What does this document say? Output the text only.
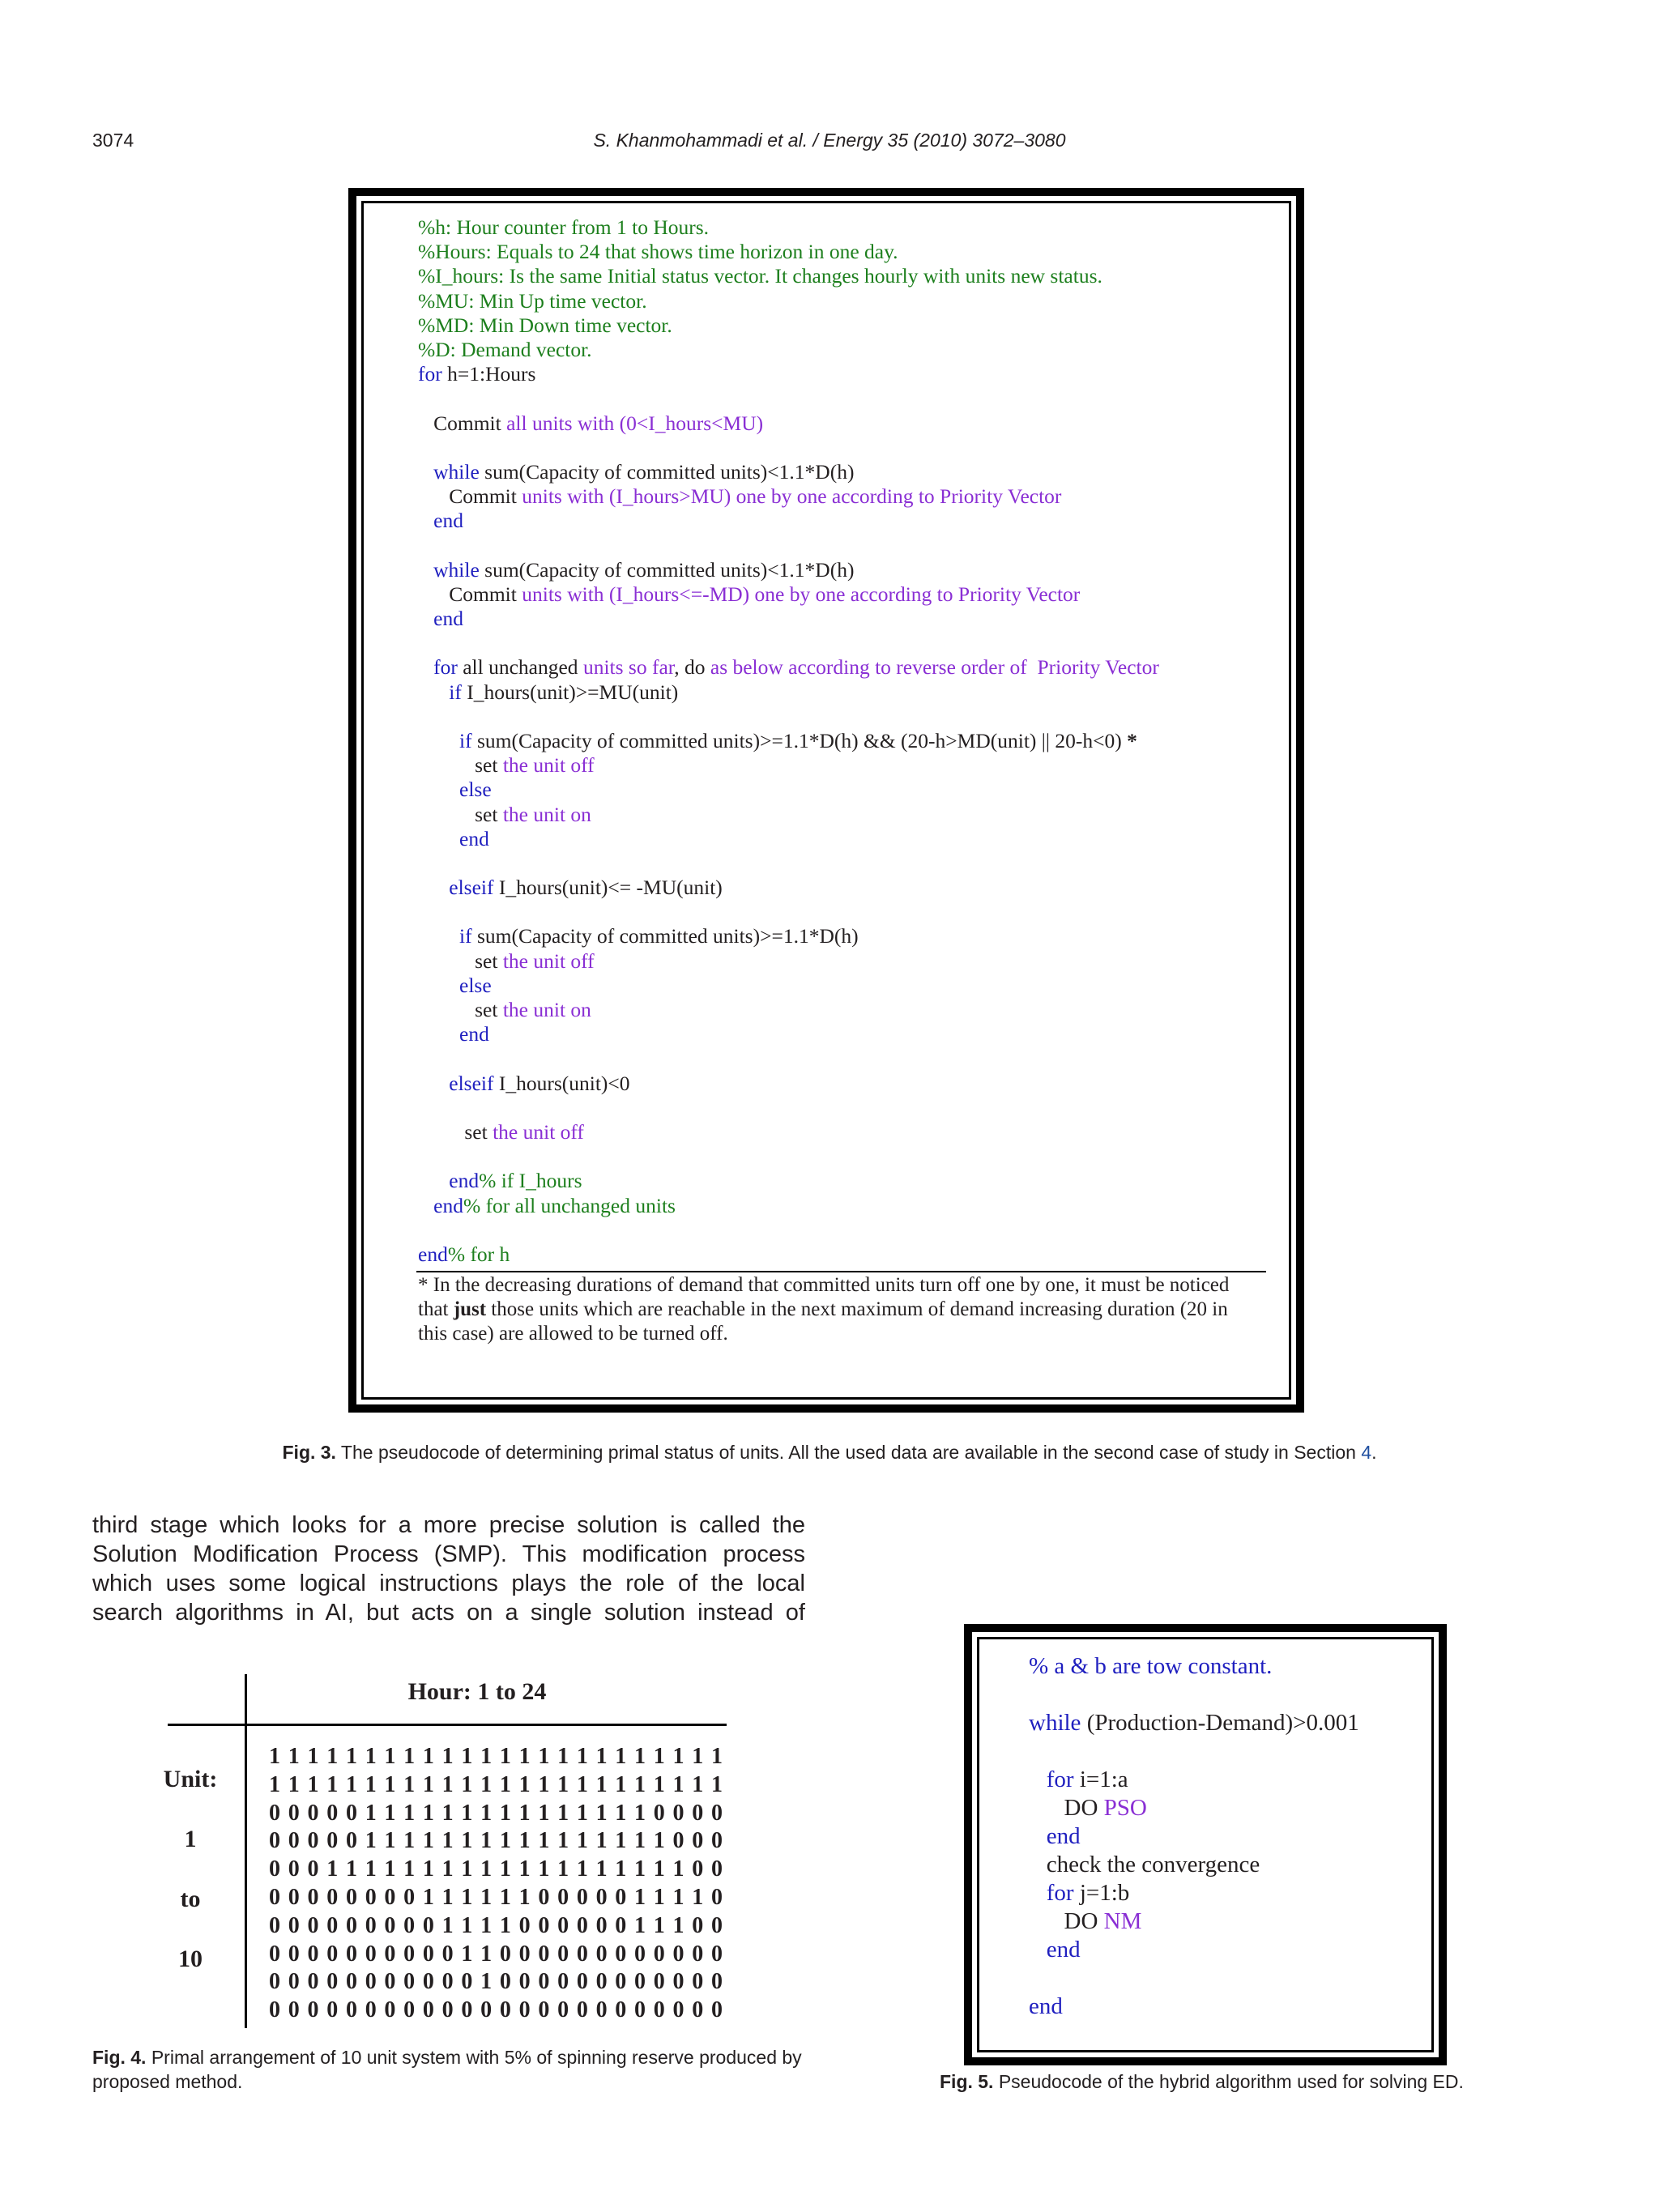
3074	S. Khanmohammadi et al. / Energy 35 (2010) 3072–3080
%h: Hour counter from 1 to Hours.
%Hours: Equals to 24 that shows time horizon in one day.
%I_hours: Is the same Initial status vector. It changes hourly with units new status.
%MU: Min Up time vector.
%MD: Min Down time vector.
%D: Demand vector.
for h=1:Hours
Commit all units with (0<I_hours<MU)
while sum(Capacity of committed units)<1.1*D(h)
Commit units with (I_hours>MU) one by one according to Priority Vector
end
while sum(Capacity of committed units)<1.1*D(h)
Commit units with (I_hours<=-MD) one by one according to Priority Vector
end
for all unchanged units so far, do as below according to reverse order of  Priority Vector
if I_hours(unit)>=MU(unit)
if sum(Capacity of committed units)>=1.1*D(h) && (20-h>MD(unit) || 20-h<0) *
set the unit off
else
set the unit on
end
elseif I_hours(unit)<= -MU(unit)
if sum(Capacity of committed units)>=1.1*D(h)
set the unit off
else
set the unit on
end
elseif I_hours(unit)<0
set the unit off
end% if I_hours
end% for all unchanged units
end% for h
* In the decreasing durations of demand that committed units turn off one by one, it must be noticed that just those units which are reachable in the next maximum of demand increasing duration (20 in this case) are allowed to be turned off.
Fig. 3. The pseudocode of determining primal status of units. All the used data are available in the second case of study in Section 4.
third stage which looks for a more precise solution is called the
Solution Modification Process (SMP). This modification process
which uses some logical instructions plays the role of the local
search algorithms in AI, but acts on a single solution instead of
Hour: 1 to 24
Unit:
1
to
10
1 1 1 1 1 1 1 1 1 1 1 1 1 1 1 1 1 1 1 1 1 1 1 1
1 1 1 1 1 1 1 1 1 1 1 1 1 1 1 1 1 1 1 1 1 1 1 1
0 0 0 0 0 1 1 1 1 1 1 1 1 1 1 1 1 1 1 1 0 0 0 0
0 0 0 0 0 1 1 1 1 1 1 1 1 1 1 1 1 1 1 1 1 0 0 0
0 0 0 1 1 1 1 1 1 1 1 1 1 1 1 1 1 1 1 1 1 1 0 0
0 0 0 0 0 0 0 0 1 1 1 1 1 1 0 0 0 0 0 1 1 1 1 0
0 0 0 0 0 0 0 0 0 1 1 1 1 0 0 0 0 0 0 1 1 1 0 0
0 0 0 0 0 0 0 0 0 0 1 1 0 0 0 0 0 0 0 0 0 0 0 0
0 0 0 0 0 0 0 0 0 0 0 1 0 0 0 0 0 0 0 0 0 0 0 0
0 0 0 0 0 0 0 0 0 0 0 0 0 0 0 0 0 0 0 0 0 0 0 0
Fig. 4. Primal arrangement of 10 unit system with 5% of spinning reserve produced by proposed method.
% a & b are tow constant.
while (Production-Demand)>0.001
for i=1:a
DO PSO
end
check the convergence
for j=1:b
DO NM
end
end
Fig. 5. Pseudocode of the hybrid algorithm used for solving ED.
